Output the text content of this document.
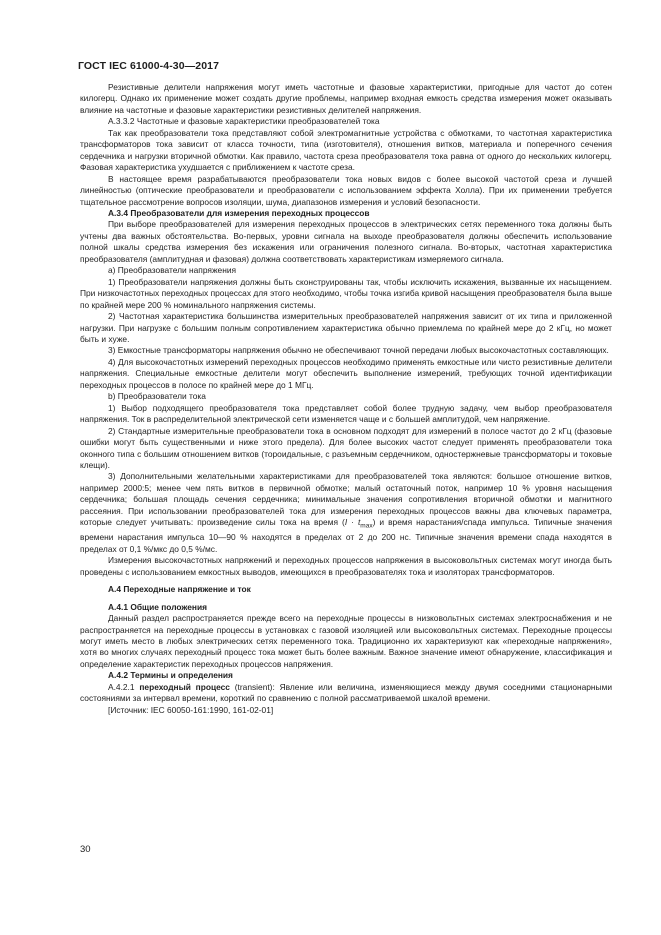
ГОСТ IEC 61000-4-30—2017

Резистивные делители напряжения могут иметь частотные и фазовые характеристики, пригодные для частот до сотен килогерц. Однако их применение может создать другие проблемы, например входная емкость средства измерения может оказывать влияние на частотные и фазовые характеристики резистивных делителей напряжения.

А.3.3.2 Частотные и фазовые характеристики преобразователей тока

Так как преобразователи тока представляют собой электромагнитные устройства с обмотками, то частотная характеристика трансформаторов тока зависит от класса точности, типа (изготовителя), отношения витков, материала и поперечного сечения сердечника и нагрузки вторичной обмотки. Как правило, частота среза преобразователя тока равна от одного до нескольких килогерц. Фазовая характеристика ухудшается с приближением к частоте среза.

В настоящее время разрабатываются преобразователи тока новых видов с более высокой частотой среза и лучшей линейностью (оптические преобразователи и преобразователи с использованием эффекта Холла). При их применении требуется тщательное рассмотрение вопросов изоляции, шума, диапазонов измерения и условий безопасности.

А.3.4 Преобразователи для измерения переходных процессов

При выборе преобразователей для измерения переходных процессов в электрических сетях переменного тока должны быть учтены два важных обстоятельства. Во-первых, уровни сигнала на выходе преобразователя должны обеспечить использование полной шкалы средства измерения без искажения или ограничения полезного сигнала. Во-вторых, частотная характеристика преобразователя (амплитудная и фазовая) должна соответствовать характеристикам измеряемого сигнала.

a) Преобразователи напряжения

1) Преобразователи напряжения должны быть сконструированы так, чтобы исключить искажения, вызванные их насыщением. При низкочастотных переходных процессах для этого необходимо, чтобы точка изгиба кривой насыщения преобразователя была выше по крайней мере 200 % номинального напряжения системы.

2) Частотная характеристика большинства измерительных преобразователей напряжения зависит от их типа и приложенной нагрузки. При нагрузке с большим полным сопротивлением характеристика обычно приемлема по крайней мере до 2 кГц, но может быть и хуже.

3) Емкостные трансформаторы напряжения обычно не обеспечивают точной передачи любых высокочастотных составляющих.

4) Для высокочастотных измерений переходных процессов необходимо применять емкостные или чисто резистивные делители напряжения. Специальные емкостные делители могут обеспечить выполнение измерений, требующих точной идентификации переходных процессов в полосе по крайней мере до 1 МГц.

b) Преобразователи тока

1) Выбор подходящего преобразователя тока представляет собой более трудную задачу, чем выбор преобразователя напряжения. Ток в распределительной электрической сети изменяется чаще и с большей амплитудой, чем напряжение.

2) Стандартные измерительные преобразователи тока в основном подходят для измерений в полосе частот до 2 кГц (фазовые ошибки могут быть существенными и ниже этого предела). Для более высоких частот следует применять преобразователи тока оконного типа с большим отношением витков (тороидальные, с разъемным сердечником, одностержневые трансформаторы и токовые клещи).

3) Дополнительными желательными характеристиками для преобразователей тока являются: большое отношение витков, например 2000:5; менее чем пять витков в первичной обмотке; малый остаточный поток, например 10 % уровня насыщения сердечника; большая площадь сечения сердечника; минимальные значения сопротивления вторичной обмотки и магнитного рассеяния. При использовании преобразователей тока для измерения переходных процессов важны два ключевых параметра, которые следует учитывать: произведение силы тока на время $(I \cdot t_{max})$ и время нарастания/спада импульса. Типичные значения времени нарастания импульса 10—90 % находятся в пределах от 2 до 200 нс. Типичные значения времени спада находятся в пределах от 0,1 %/мкс до 0,5 %/мс.

Измерения высокочастотных напряжений и переходных процессов напряжения в высоковольтных системах могут иногда быть проведены с использованием емкостных выводов, имеющихся в преобразователях тока и изоляторах трансформаторов.

А.4 Переходные напряжение и ток

А.4.1 Общие положения

Данный раздел распространяется прежде всего на переходные процессы в низковольтных системах электроснабжения и не распространяется на переходные процессы в установках с газовой изоляцией или высоковольтных системах. Переходные процессы могут иметь место в любых электрических сетях переменного тока. Традиционно их характеризуют как «переходные напряжения», хотя во многих случаях переходный процесс тока может быть более важным. Важное значение имеют обнаружение, классификация и определение характеристик переходных процессов напряжения.

А.4.2 Термины и определения

А.4.2.1 переходный процесс (transient): Явление или величина, изменяющиеся между двумя соседними стационарными состояниями за интервал времени, короткий по сравнению с полной рассматриваемой шкалой времени.

[Источник: IEC 60050-161:1990, 161-02-01]

30
